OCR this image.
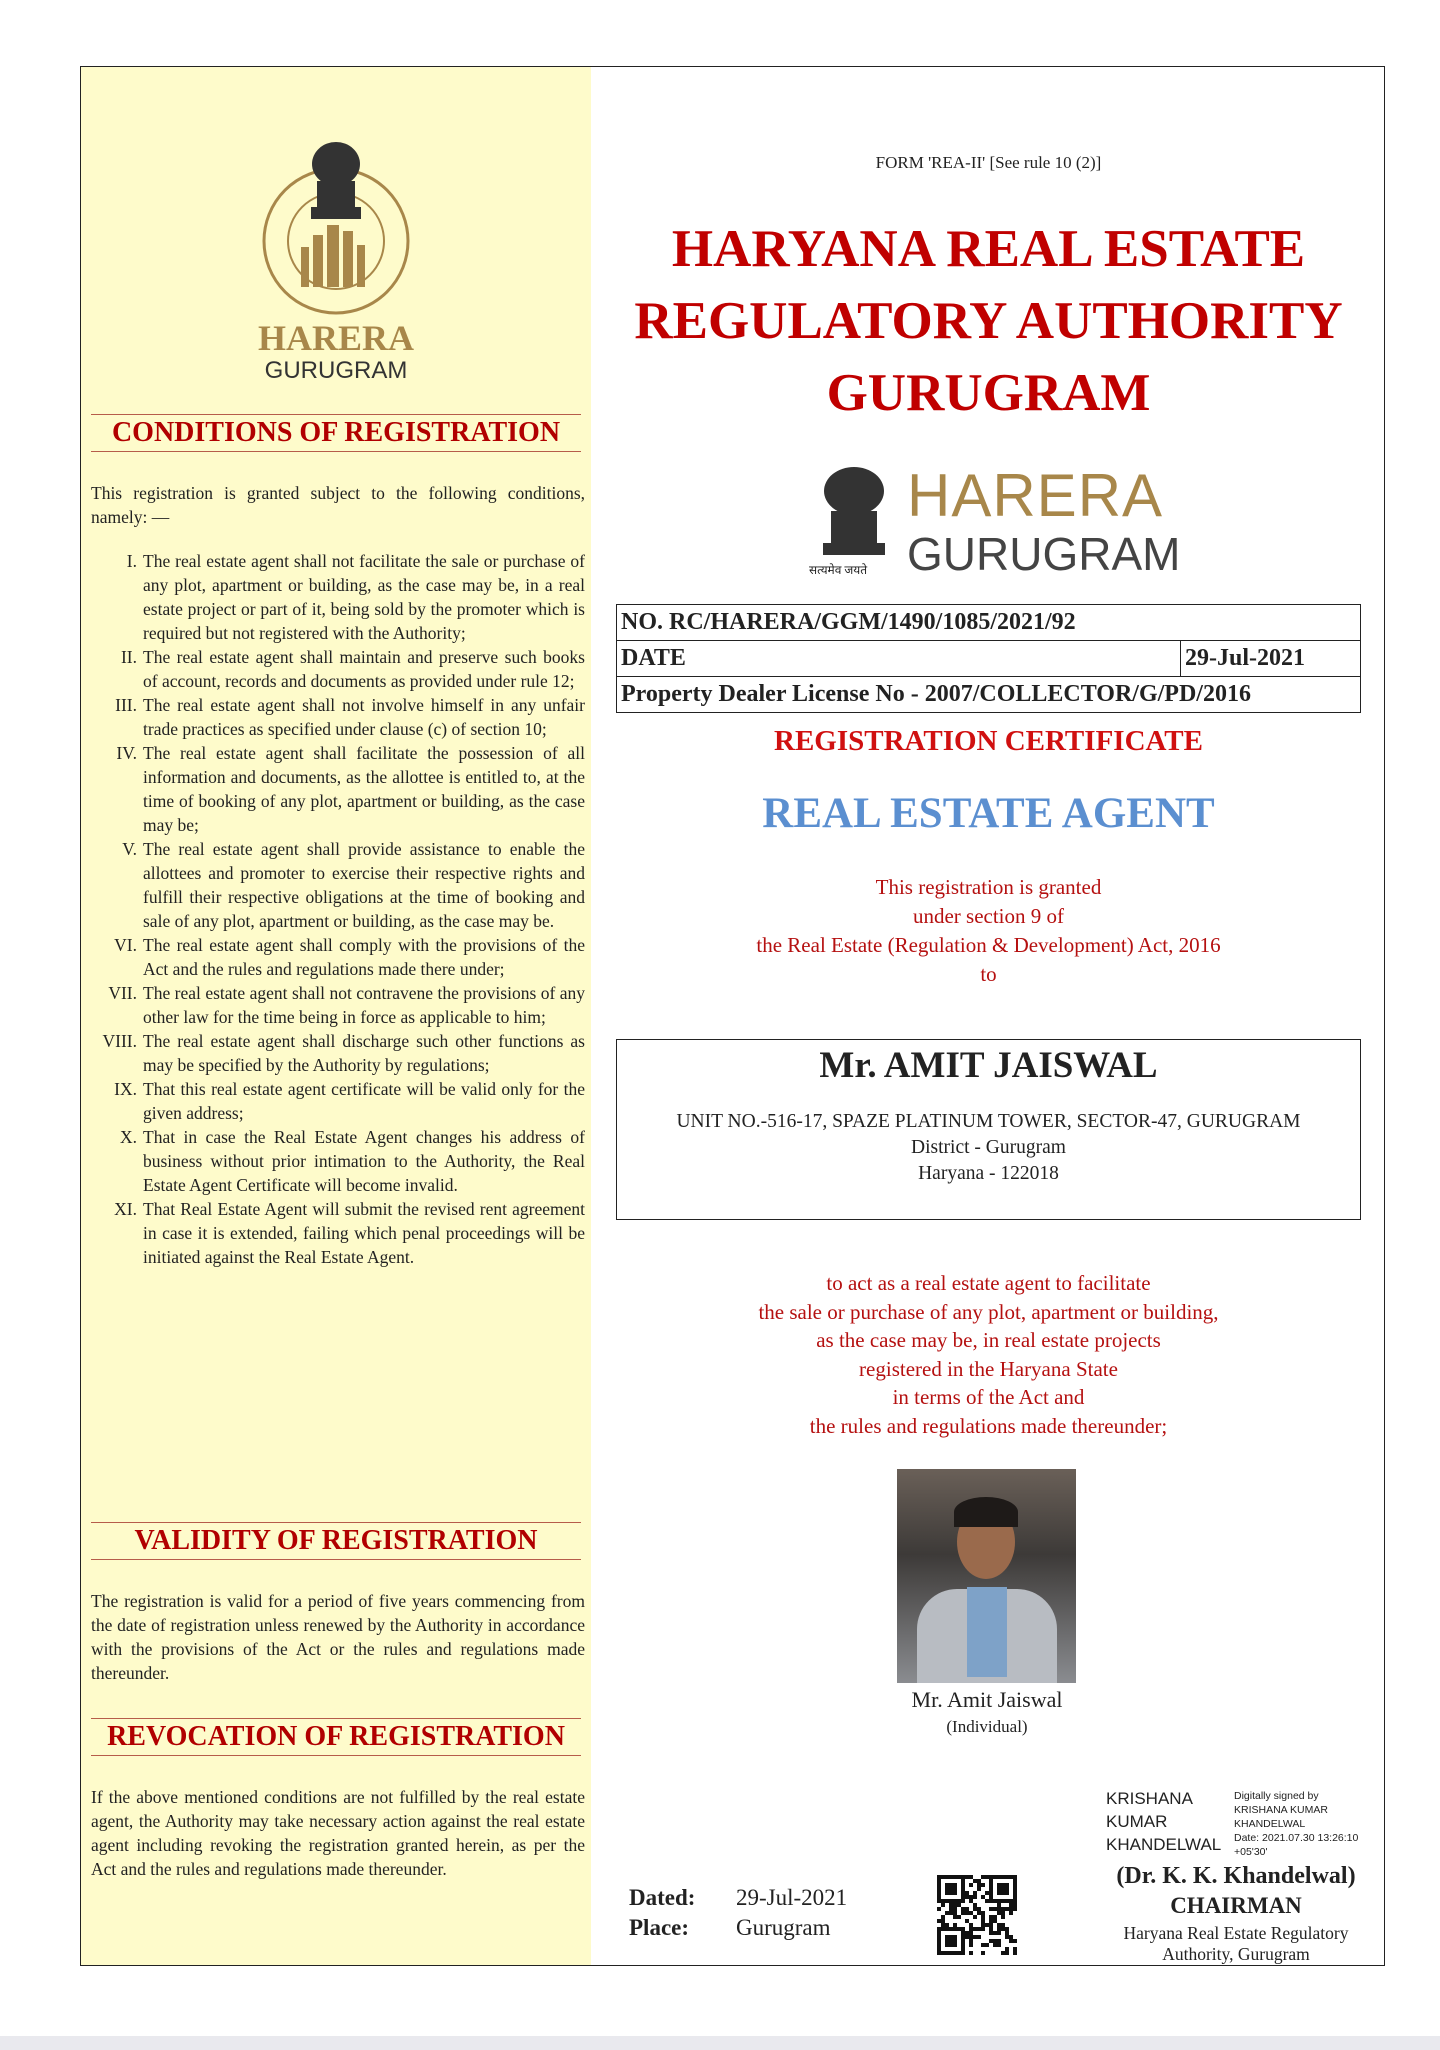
HARERA
GURUGRAM
CONDITIONS OF REGISTRATION
This registration is granted subject to the following conditions, namely: —
I. The real estate agent shall not facilitate the sale or purchase of any plot, apartment or building, as the case may be, in a real estate project or part of it, being sold by the promoter which is required but not registered with the Authority;
II. The real estate agent shall maintain and preserve such books of account, records and documents as provided under rule 12;
III. The real estate agent shall not involve himself in any unfair trade practices as specified under clause (c) of section 10;
IV. The real estate agent shall facilitate the possession of all information and documents, as the allottee is entitled to, at the time of booking of any plot, apartment or building, as the case may be;
V. The real estate agent shall provide assistance to enable the allottees and promoter to exercise their respective rights and fulfill their respective obligations at the time of booking and sale of any plot, apartment or building, as the case may be.
VI. The real estate agent shall comply with the provisions of the Act and the rules and regulations made there under;
VII. The real estate agent shall not contravene the provisions of any other law for the time being in force as applicable to him;
VIII. The real estate agent shall discharge such other functions as may be specified by the Authority by regulations;
IX. That this real estate agent certificate will be valid only for the given address;
X. That in case the Real Estate Agent changes his address of business without prior intimation to the Authority, the Real Estate Agent Certificate will become invalid.
XI. That Real Estate Agent will submit the revised rent agreement in case it is extended, failing which penal proceedings will be initiated against the Real Estate Agent.
VALIDITY OF REGISTRATION
The registration is valid for a period of five years commencing from the date of registration unless renewed by the Authority in accordance with the provisions of the Act or the rules and regulations made thereunder.
REVOCATION OF REGISTRATION
If the above mentioned conditions are not fulfilled by the real estate agent, the Authority may take necessary action against the real estate agent including revoking the registration granted herein, as per the Act and the rules and regulations made thereunder.
FORM 'REA-II' [See rule 10 (2)]
HARYANA REAL ESTATE
REGULATORY AUTHORITY
GURUGRAM
सत्यमेव जयते
HARERA
GURUGRAM
NO. RC/HARERA/GGM/1490/1085/2021/92
DATE	29-Jul-2021
Property Dealer License No - 2007/COLLECTOR/G/PD/2016
REGISTRATION CERTIFICATE
REAL ESTATE AGENT
This registration is granted
under section 9 of
the Real Estate (Regulation & Development) Act, 2016
to
Mr. AMIT JAISWAL
UNIT NO.-516-17, SPAZE PLATINUM TOWER, SECTOR-47, GURUGRAM
District - Gurugram
Haryana - 122018
to act as a real estate agent to facilitate
the sale or purchase of any plot, apartment or building,
as the case may be, in real estate projects
registered in the Haryana State
in terms of the Act and
the rules and regulations made thereunder;
Mr. Amit Jaiswal
(Individual)
KRISHANA
KUMAR
KHANDELWAL
Digitally signed by
KRISHANA KUMAR
KHANDELWAL
Date: 2021.07.30 13:26:10
+05'30'
Dated: 29-Jul-2021
Place: Gurugram
(Dr. K. K. Khandelwal)
CHAIRMAN
Haryana Real Estate Regulatory
Authority, Gurugram
